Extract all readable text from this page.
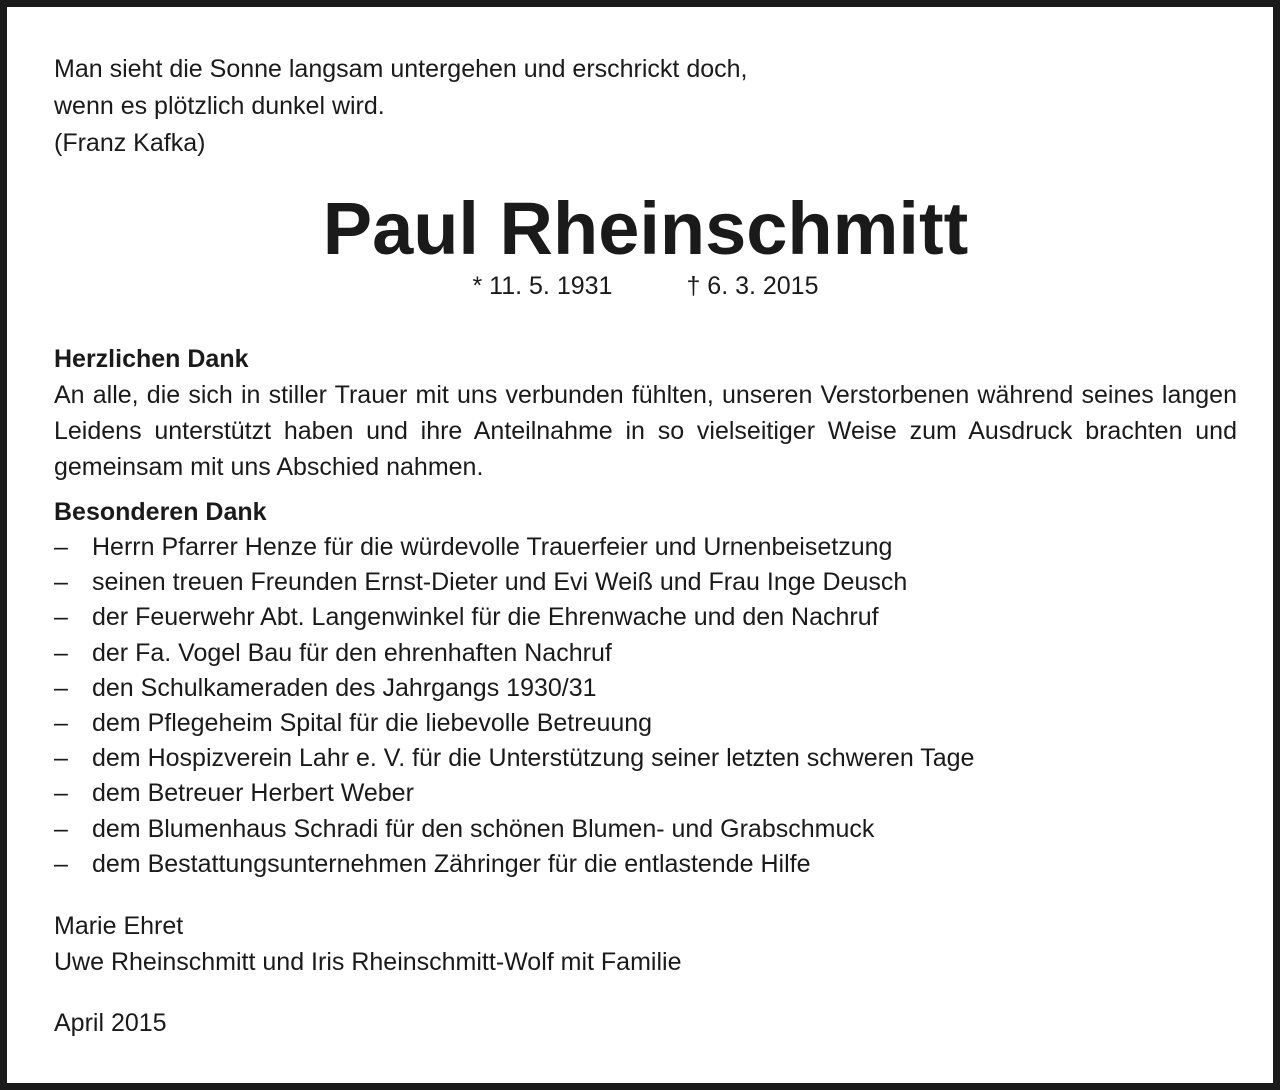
Man sieht die Sonne langsam untergehen und erschrickt doch,

wenn es plötzlich dunkel wird.

(Franz Kafka)

Paul Rheinschmitt
* 11. 5. 1931	† 6. 3. 2015

Herzlichen Dank

An alle, die sich in stiller Trauer mit uns verbunden fühlten, unseren Verstorbenen während seines langen Leidens unterstützt haben und ihre Anteilnahme in so vielseitiger Weise zum Ausdruck brachten und gemeinsam mit uns Abschied nahmen.

Besonderen Dank

– Herrn Pfarrer Henze für die würdevolle Trauerfeier und Urnenbeisetzung
– seinen treuen Freunden Ernst-Dieter und Evi Weiß und Frau Inge Deusch
– der Feuerwehr Abt. Langenwinkel für die Ehrenwache und den Nachruf
– der Fa. Vogel Bau für den ehrenhaften Nachruf
– den Schulkameraden des Jahrgangs 1930/31
– dem Pflegeheim Spital für die liebevolle Betreuung
– dem Hospizverein Lahr e. V. für die Unterstützung seiner letzten schweren Tage
– dem Betreuer Herbert Weber
– dem Blumenhaus Schradi für den schönen Blumen- und Grabschmuck
– dem Bestattungsunternehmen Zähringer für die entlastende Hilfe

Marie Ehret

Uwe Rheinschmitt und Iris Rheinschmitt-Wolf mit Familie

April 2015
